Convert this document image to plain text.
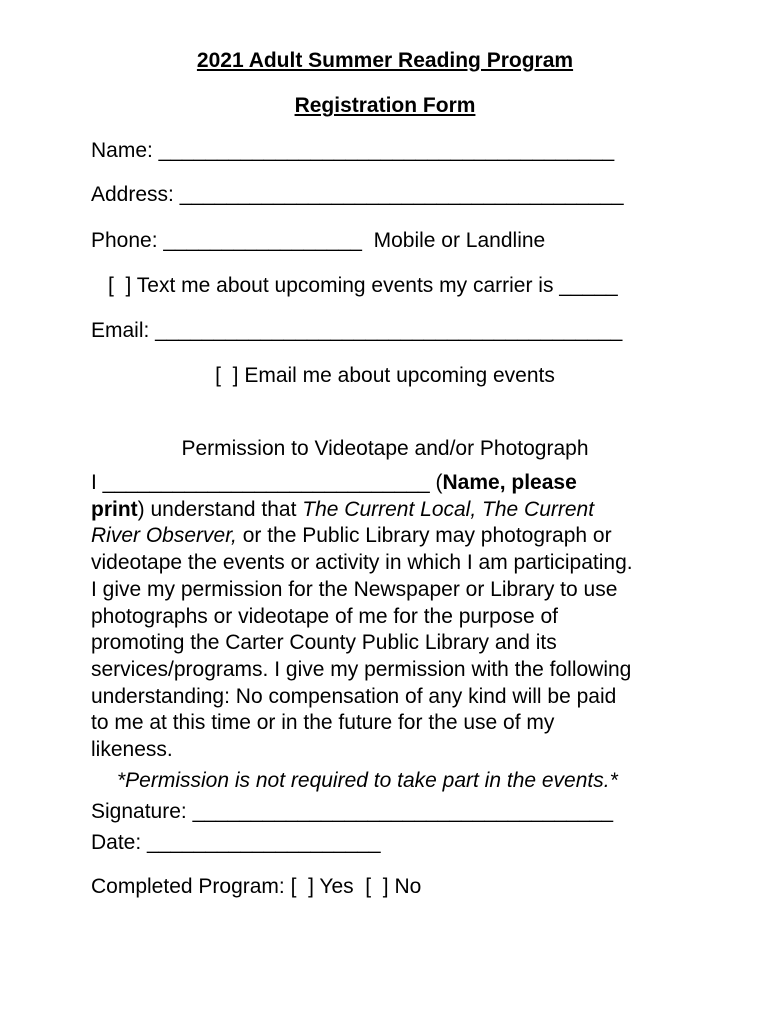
2021 Adult Summer Reading Program
Registration Form
Name: _______________________________________
Address: ______________________________________
Phone: _________________  Mobile or Landline
[  ] Text me about upcoming events my carrier is _____
Email: ________________________________________
[  ] Email me about upcoming events
Permission to Videotape and/or Photograph
I ____________________________ (Name, please
print) understand that The Current Local, The Current
River Observer, or the Public Library may photograph or
videotape the events or activity in which I am participating.
I give my permission for the Newspaper or Library to use
photographs or videotape of me for the purpose of
promoting the Carter County Public Library and its
services/programs. I give my permission with the following
understanding: No compensation of any kind will be paid
to me at this time or in the future for the use of my
likeness.
*Permission is not required to take part in the events.*
Signature: ____________________________________
Date: ____________________
Completed Program: [  ] Yes  [  ] No
